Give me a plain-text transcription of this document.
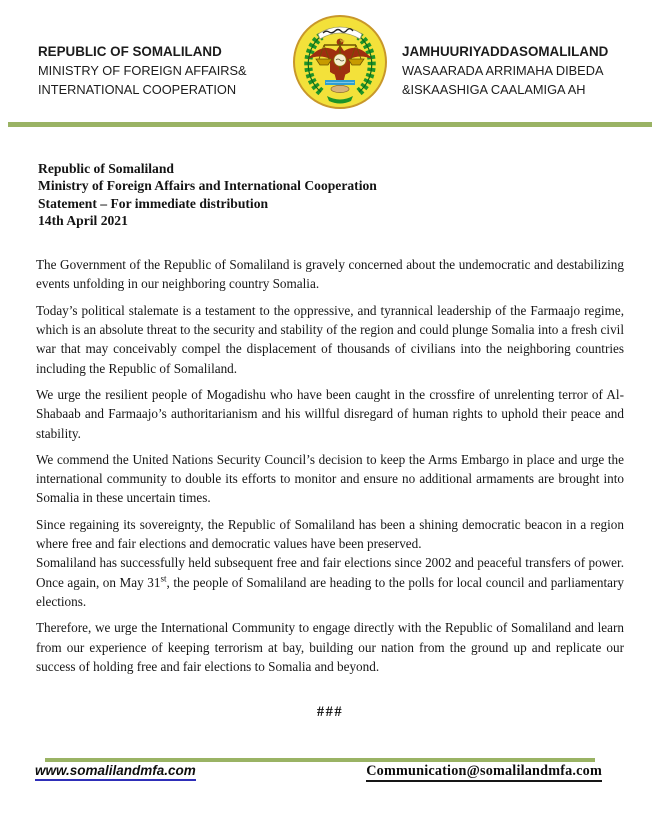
REPUBLIC OF SOMALILAND
MINISTRY OF FOREIGN AFFAIRS&
INTERNATIONAL COOPERATION
JAMHUURIYADDASOMALILAND
WASAARADA ARRIMAHA DIBEDA
&ISKAASHIGA CAALAMIGA AH
Republic of Somaliland
Ministry of Foreign Affairs and International Cooperation
Statement – For immediate distribution
14th April 2021

The Government of the Republic of Somaliland is gravely concerned about the undemocratic and destabilizing events unfolding in our neighboring country Somalia.

Today’s political stalemate is a testament to the oppressive, and tyrannical leadership of the Farmaajo regime, which is an absolute threat to the security and stability of the region and could plunge Somalia into a fresh civil war that may conceivably compel the displacement of thousands of civilians into the neighboring countries including the Republic of Somaliland.

We urge the resilient people of Mogadishu who have been caught in the crossfire of unrelenting terror of Al-Shabaab and Farmaajo’s authoritarianism and his willful disregard of human rights to uphold their peace and stability.

We commend the United Nations Security Council’s decision to keep the Arms Embargo in place and urge the international community to double its efforts to monitor and ensure no additional armaments are brought into Somalia in these uncertain times.

Since regaining its sovereignty, the Republic of Somaliland has been a shining democratic beacon in a region where free and fair elections and democratic values have been preserved.

Somaliland has successfully held subsequent free and fair elections since 2002 and peaceful transfers of power. Once again, on May 31st, the people of Somaliland are heading to the polls for local council and parliamentary elections.

Therefore, we urge the International Community to engage directly with the Republic of Somaliland and learn from our experience of keeping terrorism at bay, building our nation from the ground up and replicate our success of holding free and fair elections to Somalia and beyond.

###
www.somalilandmfa.com	Communication@somalilandmfa.com
